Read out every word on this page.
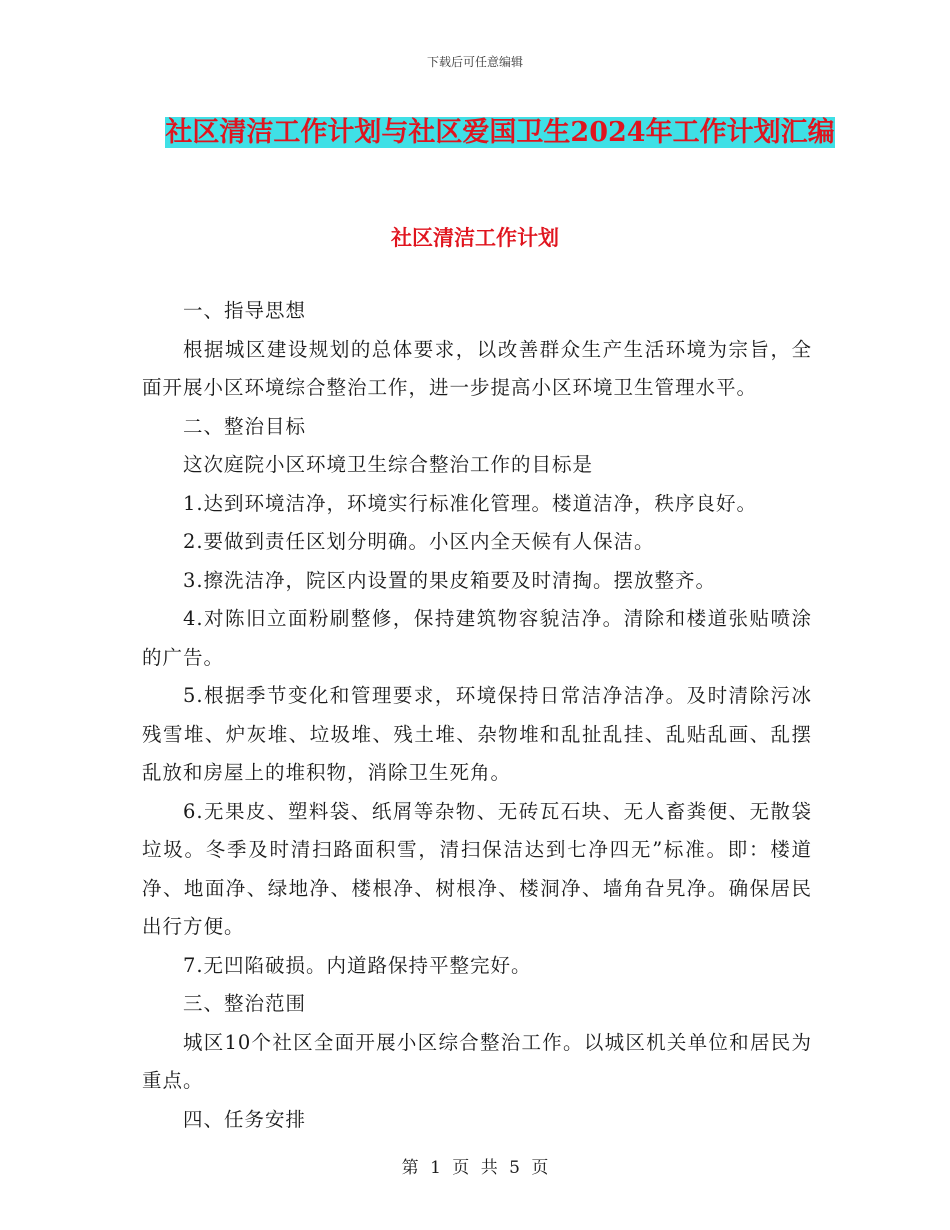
下载后可任意编辑
社区清洁工作计划与社区爱国卫生2024年工作计划汇编
社区清洁工作计划

一、指导思想

根据城区建设规划的总体要求，以改善群众生产生活环境为宗旨，全面开展小区环境综合整治工作，进一步提高小区环境卫生管理水平。

二、整治目标

这次庭院小区环境卫生综合整治工作的目标是

1.达到环境洁净，环境实行标准化管理。楼道洁净，秩序良好。

2.要做到责任区划分明确。小区内全天候有人保洁。

3.擦洗洁净，院区内设置的果皮箱要及时清掏。摆放整齐。

4.对陈旧立面粉刷整修，保持建筑物容貌洁净。清除和楼道张贴喷涂的广告。

5.根据季节变化和管理要求，环境保持日常洁净洁净。及时清除污冰残雪堆、炉灰堆、垃圾堆、残土堆、杂物堆和乱扯乱挂、乱贴乱画、乱摆乱放和房屋上的堆积物，消除卫生死角。

6.无果皮、塑料袋、纸屑等杂物、无砖瓦石块、无人畜粪便、无散袋垃圾。冬季及时清扫路面积雪，清扫保洁达到七净四无”标准。即：楼道净、地面净、绿地净、楼根净、树根净、楼洞净、墙角旮旯净。确保居民出行方便。

7.无凹陷破损。内道路保持平整完好。

三、整治范围

城区10个社区全面开展小区综合整治工作。以城区机关单位和居民为重点。

四、任务安排

第 1 页 共 5 页
